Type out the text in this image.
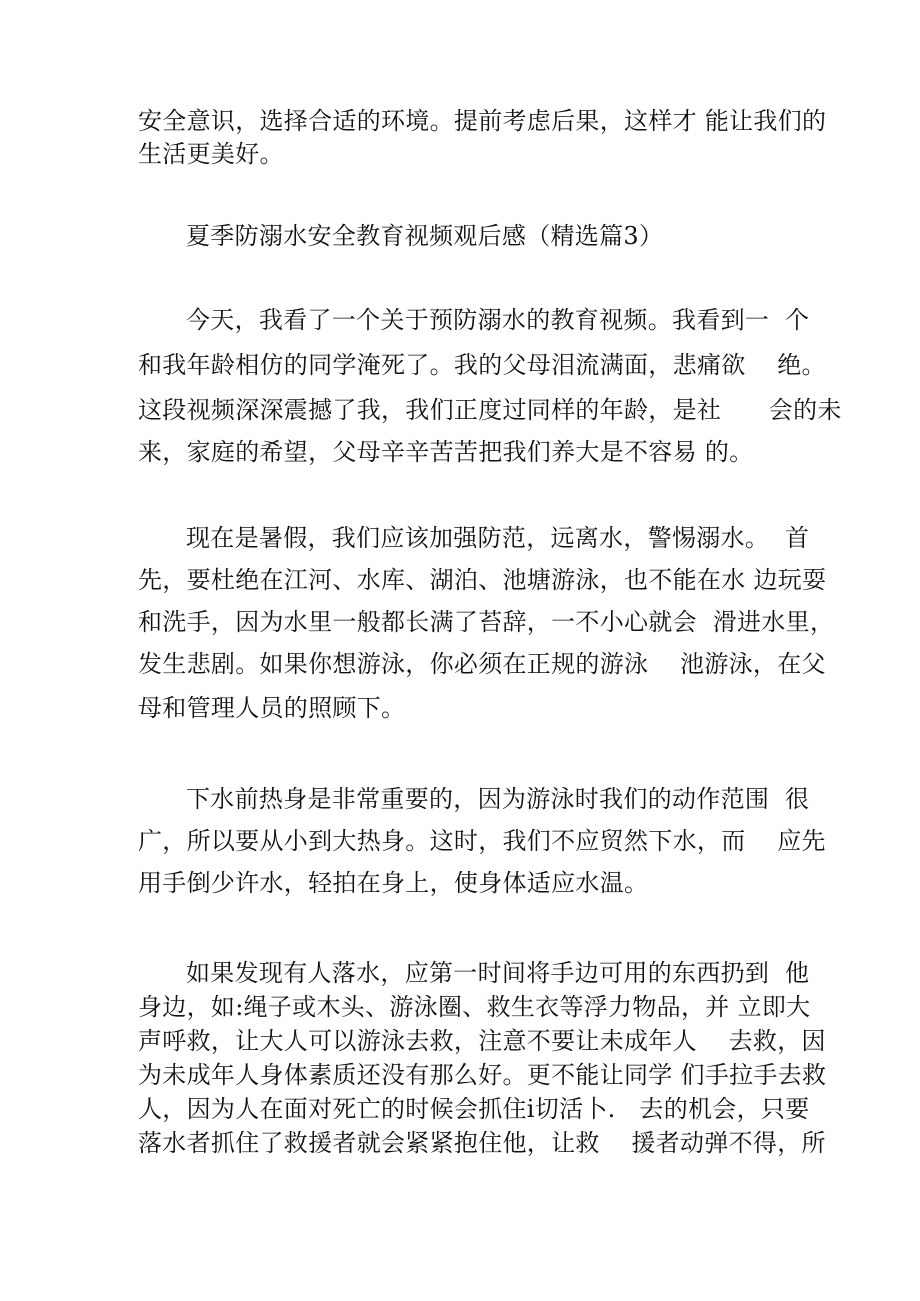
安全意识，选择合适的环境。提前考虑后果，这样才 能让我们的
生活更美好。
夏季防溺水安全教育视频观后感（精选篇3）
今天，我看了一个关于预防溺水的教育视频。我看到一  个
和我年龄相仿的同学淹死了。我的父母泪流满面，悲痛欲    绝。
这段视频深深震撼了我，我们正度过同样的年龄，是社      会的未
来，家庭的希望，父母辛辛苦苦把我们养大是不容易 的。
现在是暑假，我们应该加强防范，远离水，警惕溺水。  首
先，要杜绝在江河、水库、湖泊、池塘游泳，也不能在水 边玩耍
和洗手，因为水里一般都长满了苔辞，一不小心就会  滑进水里，
发生悲剧。如果你想游泳，你必须在正规的游泳    池游泳，在父
母和管理人员的照顾下。
下水前热身是非常重要的，因为游泳时我们的动作范围  很
广，所以要从小到大热身。这时，我们不应贸然下水，而    应先
用手倒少许水，轻拍在身上，使身体适应水温。
如果发现有人落水，应第一时间将手边可用的东西扔到  他
身边，如:绳子或木头、游泳圈、救生衣等浮力物品，并 立即大
声呼救，让大人可以游泳去救，注意不要让未成年人    去救，因
为未成年人身体素质还没有那么好。更不能让同学 们手拉手去救
人，因为人在面对死亡的时候会抓住i切活卜.   去的机会，只要
落水者抓住了救援者就会紧紧抱住他，让救    援者动弹不得，所
